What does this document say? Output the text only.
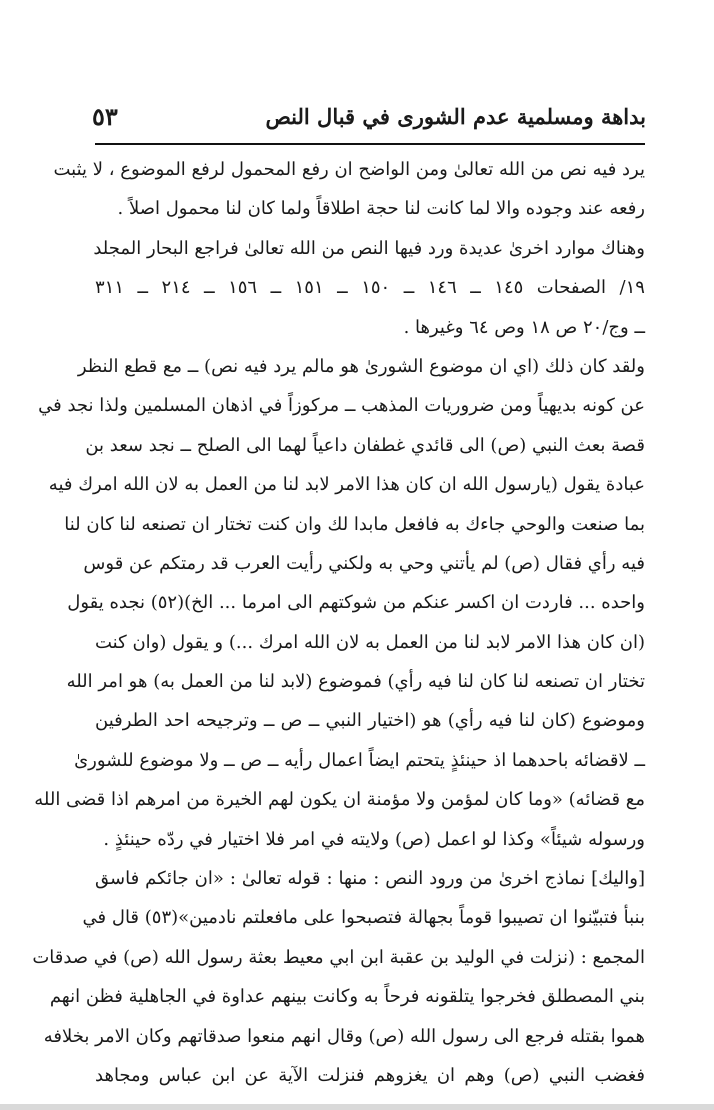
بداهة ومسلمية عدم الشورى في قبال النص
٥٣
يرد فيه نص من الله تعالىٰ ومن الواضح ان رفع المحمول لرفع الموضوع ، لا يثبت
رفعه عند وجوده والا لما كانت لنا حجة اطلاقاً ولما كان لنا محمول اصلاً .
وهناك موارد اخرىٰ عديدة ورد فيها النص من الله تعالىٰ فراجع البحار المجلد
١٩/ الصفحات ١٤٥ ــ ١٤٦ ــ ١٥٠ ــ ١٥١ ــ ١٥٦ ــ ٢١٤ ــ ٣١١
ــ وج/٢٠ ص ١٨ وص ٦٤ وغيرها .
ولقد كان ذلك (اي ان موضوع الشورىٰ هو مالم يرد فيه نص) ــ مع قطع النظر
عن كونه بديهياً ومن ضروريات المذهب ــ مركوزاً في اذهان المسلمين ولذا نجد في
قصة بعث النبي (ص) الى قائدي غطفان داعياً لهما الى الصلح ــ نجد سعد بن
عبادة يقول (يارسول الله ان كان هذا الامر لابد لنا من العمل به لان الله امرك فيه
بما صنعت والوحي جاءك به فافعل مابدا لك وان كنت تختار ان تصنعه لنا كان لنا
فيه رأي فقال (ص) لم يأتني وحي به ولكني رأيت العرب قد رمتكم عن قوس
واحده ... فاردت ان اكسر عنكم من شوكتهم الى امرما ... الخ)(٥٢) نجده يقول
(ان كان هذا الامر لابد لنا من العمل به لان الله امرك ...) و يقول (وان كنت
تختار ان تصنعه لنا كان لنا فيه رأي) فموضوع (لابد لنا من العمل به) هو امر الله
وموضوع (كان لنا فيه رأي) هو (اختيار النبي ــ ص ــ وترجيحه احد الطرفين
ــ لاقضائه باحدهما اذ حينئذٍ يتحتم ايضاً اعمال رأيه ــ ص ــ ولا موضوع للشورىٰ
مع قضائه) «وما كان لمؤمن ولا مؤمنة ان يكون لهم الخيرة من امرهم اذا قضى الله
ورسوله شيئاً» وكذا لو اعمل (ص) ولايته في امر فلا اختيار في ردّه حينئذٍ .
[واليك] نماذج اخرىٰ من ورود النص : منها : قوله تعالىٰ : «ان جائكم فاسق
بنبأ فتبيّنوا ان تصيبوا قوماً بجهالة فتصبحوا على مافعلتم نادمين»(٥٣) قال في
المجمع : (نزلت في الوليد بن عقبة ابن ابي معيط بعثة رسول الله (ص) في صدقات
بني المصطلق فخرجوا يتلقونه فرحاً به وكانت بينهم عداوة في الجاهلية فظن انهم
هموا بقتله فرجع الى رسول الله (ص) وقال انهم منعوا صدقاتهم وكان الامر بخلافه
فغضب النبي (ص) وهم ان يغزوهم فنزلت الآية عن ابن عباس ومجاهد
